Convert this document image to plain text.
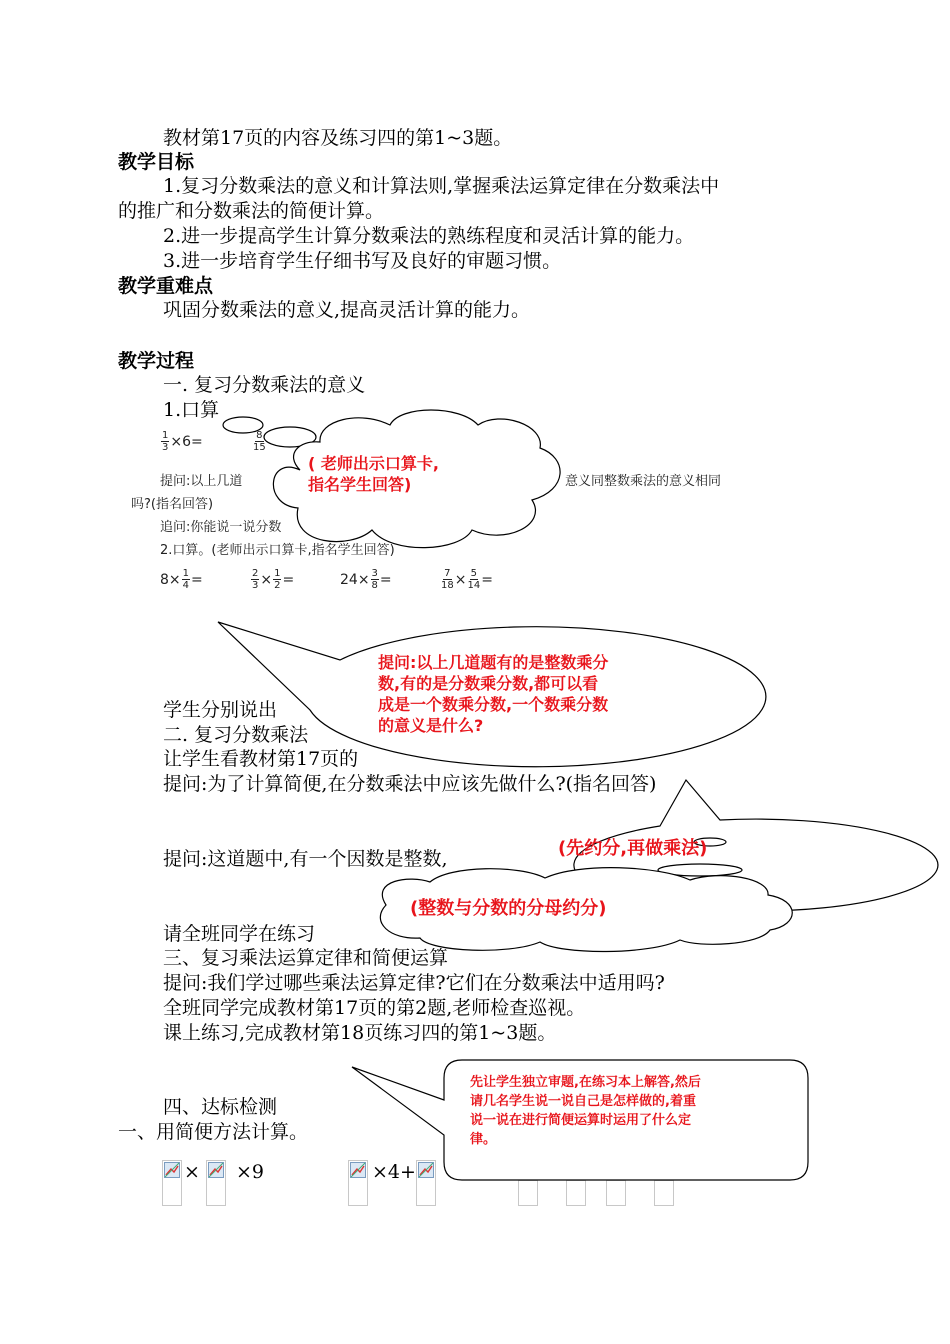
教材第17页的内容及练习四的第1~3题。
教学目标
1.复习分数乘法的意义和计算法则,掌握乘法运算定律在分数乘法中
的推广和分数乘法的简便计算。
2.进一步提高学生计算分数乘法的熟练程度和灵活计算的能力。
3.进一步培育学生仔细书写及良好的审题习惯。
教学重难点
巩固分数乘法的意义,提高灵活计算的能力。
教学过程
一. 复习分数乘法的意义
1.口算
$\frac{1}{3} \times 6=$	$\frac{8}{15}$
提问:以上几道	意义同整数乘法的意义相同
吗?(指名回答)
追问:你能说一说分数
2.口算。(老师出示口算卡,指名学生回答)
$8\times \frac{1}{4}$ =	$\frac{2}{3} \times \frac{1}{2}$ =	$24\times \frac{3}{8}$ =	$\frac{7}{18} \times \frac{5}{14}$ =
学生分别说出
二. 复习分数乘法
让学生看教材第17页的
提问:为了计算简便,在分数乘法中应该先做什么?(指名回答)
提问:这道题中,有一个因数是整数,
请全班同学在练习
三、复习乘法运算定律和简便运算
提问:我们学过哪些乘法运算定律?它们在分数乘法中适用吗?
全班同学完成教材第17页的第2题,老师检查巡视。
课上练习,完成教材第18页练习四的第1~3题。
四、达标检测
一、用简便方法计算。
× ×9	×4+
( 老师出示口算卡,
指名学生回答)
提问:以上几道题有的是整数乘分
数,有的是分数乘分数,都可以看
成是一个数乘分数,一个数乘分数
的意义是什么?
(先约分,再做乘法)
(整数与分数的分母约分)
先让学生独立审题,在练习本上解答,然后
请几名学生说一说自己是怎样做的,着重
说一说在进行简便运算时运用了什么定
律。
